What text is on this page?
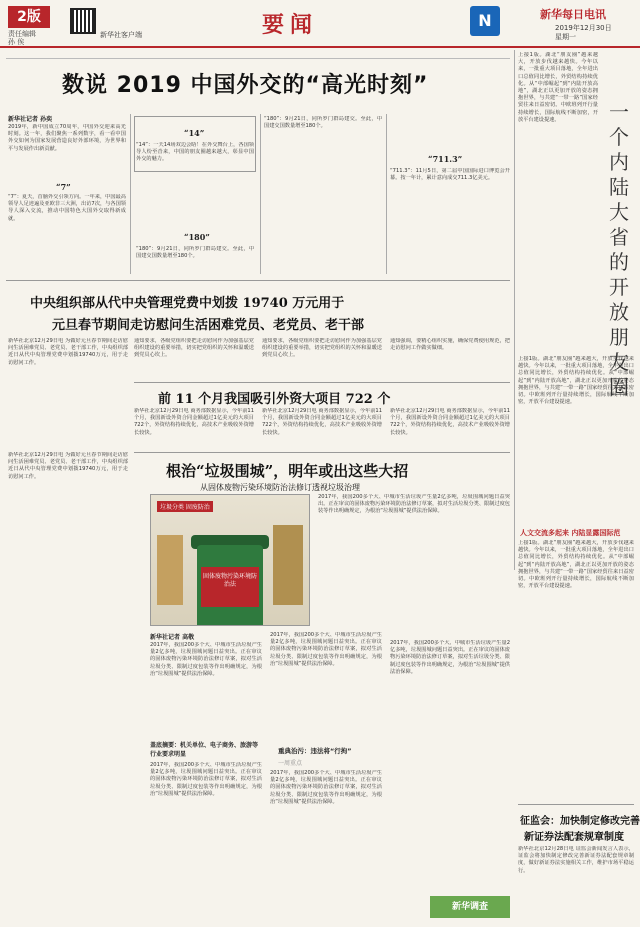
2版
责任编辑
孙 俟
新华社客户端	要闻	N	新华每日电讯
2019年12月30日
星期一
数说 2019 中国外交的“高光时刻”
新华社记者 孙奕
2019年，新中国成立70周年，中国外交迎来高光时刻。这一年，我们聚焦一系列数字，看一看中国外交如何为国家发展营造良好外部环境，为世界和平与发展作出新贡献。
“7”
“7”：夏天，首脑外交引领方向。一年来，中国最高领导人足迹遍及亚欧非三大洲，出访7次，与各国领导人深入交流，推动中国特色大国外交取得新成就。
“14”
“14”：一天14场双边会晤！在外交舞台上，各国领导人纷至沓来，中国的朋友圈越来越大，彰显中国外交的魅力。
“180”
“180”：9月21日，同所罗门群岛建交。至此，中国建交国数量增至180个。
“180”：9月21日，同所罗门群岛建交。至此，中国建交国数量增至180个。
“711.3”
“711.3”：11月5日，第二届中国国际进口博览会开幕。按一年计，累计意向成交711.3亿美元。
上接1版。湖北“朋友圈”越来越大，开放步伐越来越快。今年以来，一批重大项目落地，全年进出口总值同比增长，外贸结构持续优化。从“中部崛起”到“内陆开放高地”，湖北正以更加开放的姿态拥抱世界，与共建“一带一路”国家经贸往来日益密切。中欧班列开行量持续增长，国际航线不断加密，开放平台建设提速。	一个内陆大省的开放朋友圈
上接1版。湖北“朋友圈”越来越大，开放步伐越来越快。今年以来，一批重大项目落地，全年进出口总值同比增长，外贸结构持续优化。从“中部崛起”到“内陆开放高地”，湖北正以更加开放的姿态拥抱世界，与共建“一带一路”国家经贸往来日益密切。中欧班列开行量持续增长，国际航线不断加密，开放平台建设提速。
中央组织部从代中央管理党费中划拨 19740 万元用于
元旦春节期间走访慰问生活困难党员、老党员、老干部
新华社北京12月29日电 为做好元旦春节期间走访慰问生活困难党员、老党员、老干部工作，中央组织部近日从代中央管理党费中划拨19740万元，用于走访慰问工作。
通知要求，各级党组织要把走访慰问作为加强基层党组织建设的重要举措，切实把党组织的关怀和温暖送到党员心坎上。
通知要求，各级党组织要把走访慰问作为加强基层党组织建设的重要举措，切实把党组织的关怀和温暖送到党员心坎上。
通知强调，要精心组织实施，确保党费使用规范，把走访慰问工作做实做细。
前 11 个月我国吸引外资大项目 722 个
新华社北京12月29日电 商务部数据显示，今年前11个月，我国新设外资合同金额超过1亿美元的大项目722个，外资结构持续优化，高技术产业吸收外资增长较快。
新华社北京12月29日电 商务部数据显示，今年前11个月，我国新设外资合同金额超过1亿美元的大项目722个，外资结构持续优化，高技术产业吸收外资增长较快。
新华社北京12月29日电 商务部数据显示，今年前11个月，我国新设外资合同金额超过1亿美元的大项目722个，外资结构持续优化，高技术产业吸收外资增长较快。
根治“垃圾围城”，明年或出这些大招
从固体废物污染环境防治法修订透视垃圾治理
新华社北京12月29日电 为做好元旦春节期间走访慰问生活困难党员、老党员、老干部工作，中央组织部近日从代中央管理党费中划拨19740万元，用于走访慰问工作。
垃圾分类 固废防治
固体废物污染环境防治法
新华社记者 高敬
2017年，我国200多个大、中城市生活垃圾产生量2亿多吨，垃圾围城问题日益突出。正在审议的固体废物污染环境防治法修订草案，拟对生活垃圾分类、限制过度包装等作出明确规定，为根治“垃圾围城”提供法治保障。
盖底摘要：机关单位、电子商务、旅游等行业要求明显
2017年，我国200多个大、中城市生活垃圾产生量2亿多吨，垃圾围城问题日益突出。正在审议的固体废物污染环境防治法修订草案，拟对生活垃圾分类、限制过度包装等作出明确规定，为根治“垃圾围城”提供法治保障。
2017年，我国200多个大、中城市生活垃圾产生量2亿多吨，垃圾围城问题日益突出。正在审议的固体废物污染环境防治法修订草案，拟对生活垃圾分类、限制过度包装等作出明确规定，为根治“垃圾围城”提供法治保障。
重典治污：违法将“行拘”
一周重点
2017年，我国200多个大、中城市生活垃圾产生量2亿多吨，垃圾围城问题日益突出。正在审议的固体废物污染环境防治法修订草案，拟对生活垃圾分类、限制过度包装等作出明确规定，为根治“垃圾围城”提供法治保障。
2017年，我国200多个大、中城市生活垃圾产生量2亿多吨，垃圾围城问题日益突出。正在审议的固体废物污染环境防治法修订草案，拟对生活垃圾分类、限制过度包装等作出明确规定，为根治“垃圾围城”提供法治保障。
2017年，我国200多个大、中城市生活垃圾产生量2亿多吨，垃圾围城问题日益突出。正在审议的固体废物污染环境防治法修订草案，拟对生活垃圾分类、限制过度包装等作出明确规定，为根治“垃圾围城”提供法治保障。
人文交流多起来 内陆显露国际范
上接1版。湖北“朋友圈”越来越大，开放步伐越来越快。今年以来，一批重大项目落地，全年进出口总值同比增长，外贸结构持续优化。从“中部崛起”到“内陆开放高地”，湖北正以更加开放的姿态拥抱世界，与共建“一带一路”国家经贸往来日益密切。中欧班列开行量持续增长，国际航线不断加密，开放平台建设提速。
征监会：加快制定修改完善
新证券法配套规章制度
新华社北京12月28日电 证监会新闻发言人表示，证监会将加快制定修改完善新证券法配套规章制度，做好新证券法实施相关工作，维护市场平稳运行。
新华调查
